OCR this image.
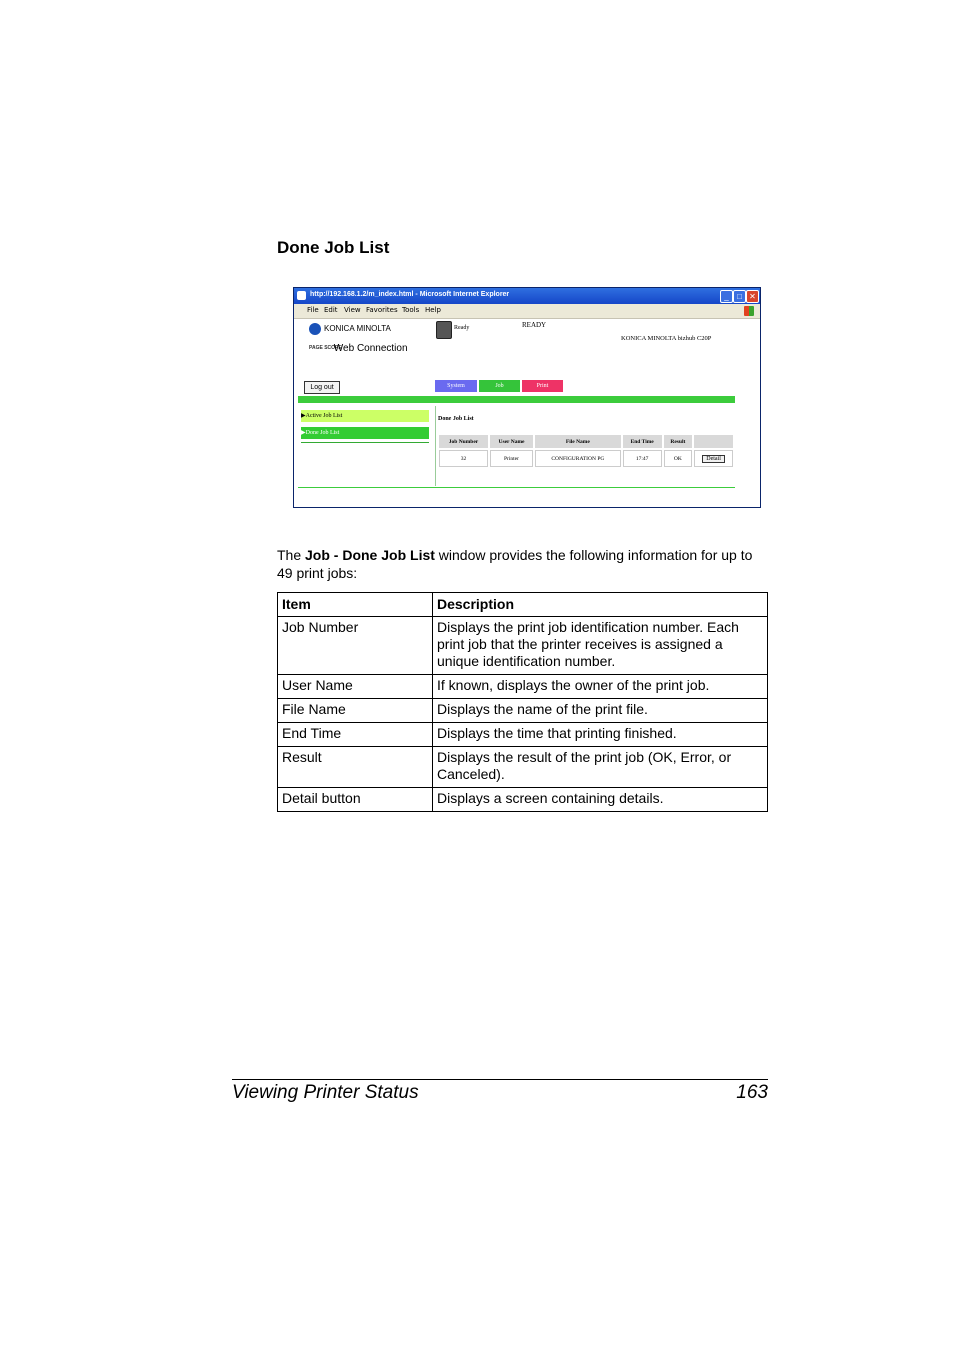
Done Job List
http://192.168.1.2/m_index.html - Microsoft Internet Explorer	_	□ ✕
File Edit View Favorites Tools Help
KONICA MINOLTA
PAGE SCOPE Web Connection
Ready	READY
KONICA MINOLTA bizhub C20P
Log out	System	Job	Print
▶Active Job List
▶Done Job List
Done Job List
Job Number	User Name	File Name	End Time	Result	
32	Printer	CONFIGURATION PG	17:47	OK	Detail
The Job - Done Job List window provides the following information for up to 49 print jobs:
Item	Description
Job Number	Displays the print job identification number. Each print job that the printer receives is assigned a unique identification number.
User Name	If known, displays the owner of the print job.
File Name	Displays the name of the print file.
End Time	Displays the time that printing finished.
Result	Displays the result of the print job (OK, Error, or Canceled).
Detail button	Displays a screen containing details.
Viewing Printer Status	163
